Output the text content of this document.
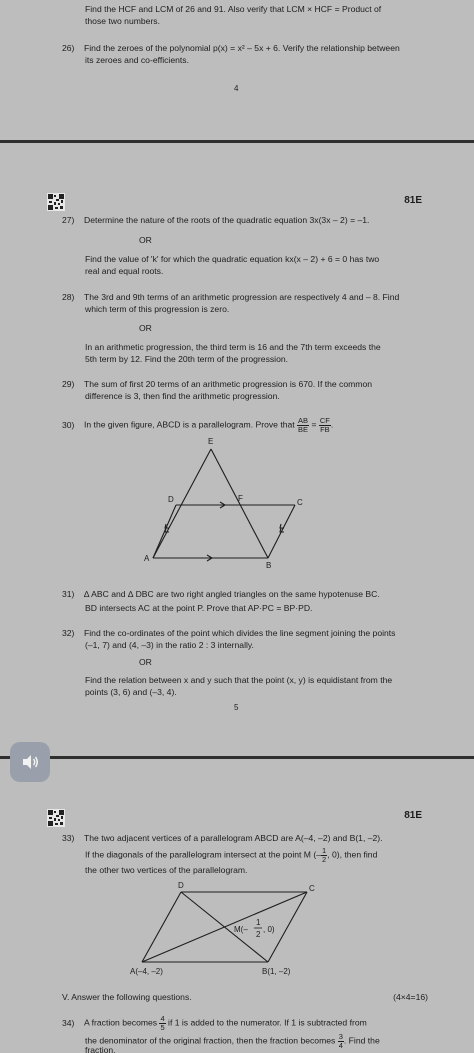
Find the HCF and LCM of 26 and 91. Also verify that LCM × HCF = Product of
those two numbers.
26) Find the zeroes of the polynomial p(x) = x² – 5x + 6. Verify the relationship between
its zeroes and co-efficients.
4
81E
27) Determine the nature of the roots of the quadratic equation 3x(3x – 2) = –1.
OR
Find the value of 'k' for which the quadratic equation kx(x – 2) + 6 = 0 has two
real and equal roots.
28) The 3rd and 9th terms of an arithmetic progression are respectively 4 and – 8. Find
which term of this progression is zero.
OR
In an arithmetic progression, the third term is 16 and the 7th term exceeds the
5th term by 12. Find the 20th term of the progression.
29) The sum of first 20 terms of an arithmetic progression is 670. If the common
difference is 3, then find the arithmetic progression.
30) In the given figure, ABCD is a parallelogram. Prove that $\frac{AB}{BE} = \frac{CF}{FB}$ .
E
D	F	C
A
B
31) ∆ ABC and ∆ DBC are two right angled triangles on the same hypotenuse BC.
BD intersects AC at the point P. Prove that AP·PC = BP·PD.
32) Find the co-ordinates of the point which divides the line segment joining the points
(–1, 7) and (4, –3) in the ratio 2 : 3 internally.
OR
Find the relation between x and y such that the point (x, y) is equidistant from the
points (3, 6) and (–3, 4).
5
81E
33) The two adjacent vertices of a parallelogram ABCD are A(–4, –2) and B(1, –2).
If the diagonals of the parallelogram intersect at the point M (– $\frac{1}{2}$ , 0), then find
the other two vertices of the parallelogram.
D	C
M(–
1
2
, 0)
A(–4, –2)	B(1, –2)
V. Answer the following questions.	(4×4=16)
34) A fraction becomes $\frac{4}{5}$ if 1 is added to the numerator. If 1 is subtracted from
the denominator of the original fraction, then the fraction becomes $\frac{3}{4}$ . Find the
fraction.
